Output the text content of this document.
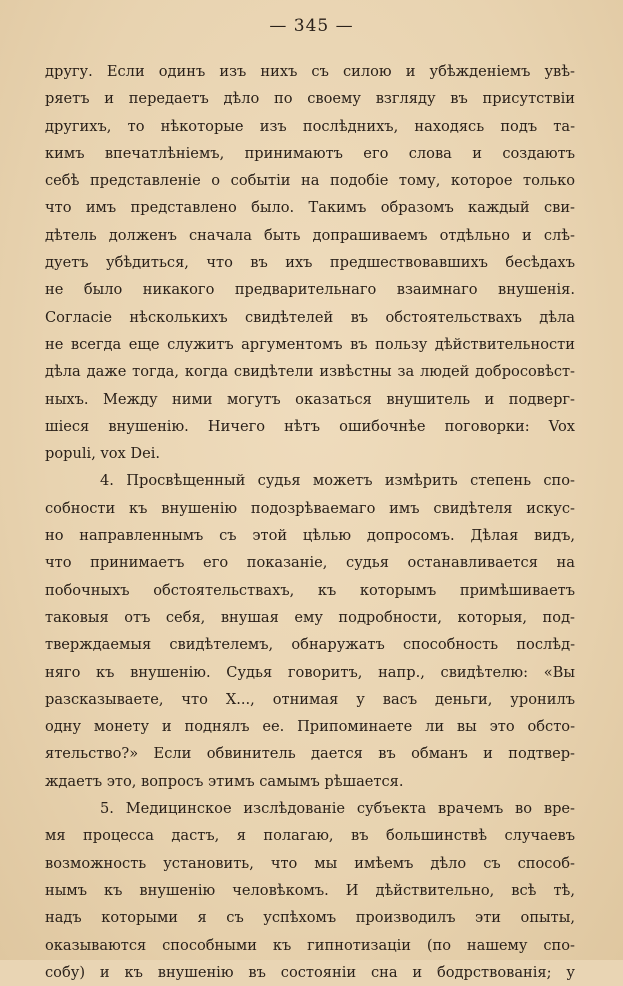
— 345 —
другу. Если одинъ изъ нихъ съ силою и убѣжденіемъ увѣ-
ряетъ и передаетъ дѣло по своему взгляду въ присутствіи
другихъ, то нѣкоторые изъ послѣднихъ, находясь подъ та-
кимъ впечатлѣніемъ, принимаютъ его слова и создаютъ
себѣ представленіе о событіи на подобіе тому, которое только
что имъ представлено было. Такимъ образомъ каждый сви-
дѣтель долженъ сначала быть допрашиваемъ отдѣльно и слѣ-
дуетъ убѣдиться, что въ ихъ предшествовавшихъ бесѣдахъ
не было никакого предварительнаго взаимнаго внушенія.
Согласіе нѣсколькихъ свидѣтелей въ обстоятельствахъ дѣла
не всегда еще служитъ аргументомъ въ пользу дѣйствительности
дѣла даже тогда, когда свидѣтели извѣстны за людей добросовѣст-
ныхъ. Между ними могутъ оказаться внушитель и подверг-
шіеся внушенію. Ничего нѣтъ ошибочнѣе поговорки: Vox
populi, vox Dei.
4. Просвѣщенный судья можетъ измѣрить степень спо-
собности къ внушенію подозрѣваемаго имъ свидѣтеля искус-
но направленнымъ съ этой цѣлью допросомъ. Дѣлая видъ,
что принимаетъ его показаніе, судья останавливается на
побочныхъ обстоятельствахъ, къ которымъ примѣшиваетъ
таковыя отъ себя, внушая ему подробности, которыя, под-
тверждаемыя свидѣтелемъ, обнаружатъ способность послѣд-
няго къ внушенію. Судья говоритъ, напр., свидѣтелю: «Вы
разсказываете, что Х..., отнимая у васъ деньги, уронилъ
одну монету и поднялъ ее. Припоминаете ли вы это обсто-
ятельство?» Если обвинитель дается въ обманъ и подтвер-
ждаетъ это, вопросъ этимъ самымъ рѣшается.
5. Медицинское изслѣдованіе субъекта врачемъ во вре-
мя процесса дастъ, я полагаю, въ большинствѣ случаевъ
возможность установить, что мы имѣемъ дѣло съ способ-
нымъ къ внушенію человѣкомъ. И дѣйствительно, всѣ тѣ,
надъ которыми я съ успѣхомъ производилъ эти опыты,
оказываются способными къ гипнотизаціи (по нашему спо-
собу) и къ внушенію въ состояніи сна и бодрствованія; у
